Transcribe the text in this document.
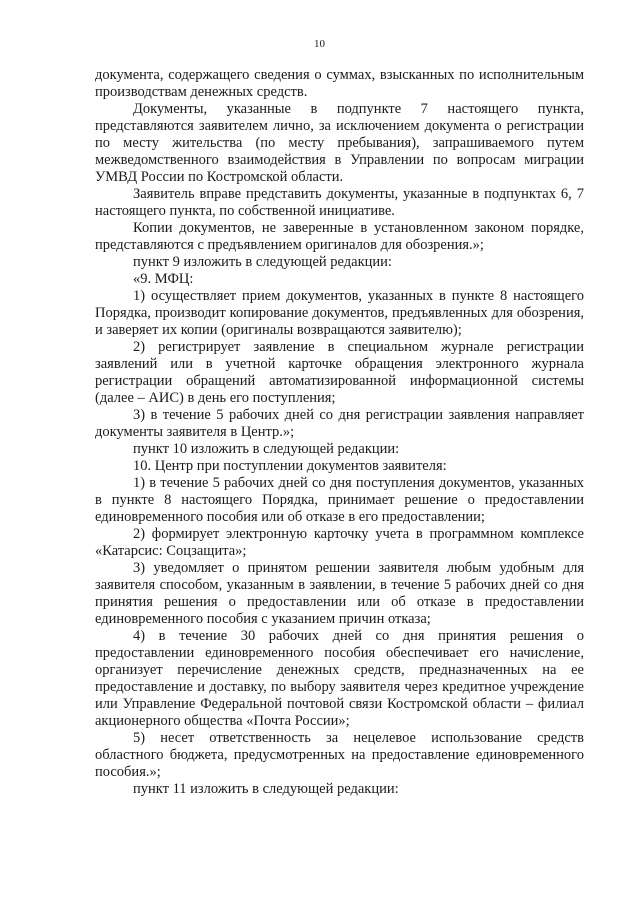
10

документа, содержащего сведения о суммах, взысканных по исполнительным производствам денежных средств.

Документы, указанные в подпункте 7 настоящего пункта, представляются заявителем лично, за исключением документа о регистрации по месту жительства (по месту пребывания), запрашиваемого путем межведомственного взаимодействия в Управлении по вопросам миграции УМВД России по Костромской области.

Заявитель вправе представить документы, указанные в подпунктах 6, 7 настоящего пункта, по собственной инициативе.

Копии документов, не заверенные в установленном законом порядке, представляются с предъявлением оригиналов для обозрения.»;

пункт 9 изложить в следующей редакции:

«9. МФЦ:

1) осуществляет прием документов, указанных в пункте 8 настоящего Порядка, производит копирование документов, предъявленных для обозрения, и заверяет их копии (оригиналы возвращаются заявителю);

2) регистрирует заявление в специальном журнале регистрации заявлений или в учетной карточке обращения электронного журнала регистрации обращений автоматизированной информационной системы (далее – АИС) в день его поступления;

3) в течение 5 рабочих дней со дня регистрации заявления направляет документы заявителя в Центр.»;

пункт 10 изложить в следующей редакции:

10. Центр при поступлении документов заявителя:

1) в течение 5 рабочих дней со дня поступления документов, указанных в пункте 8 настоящего Порядка, принимает решение о предоставлении единовременного пособия или об отказе в его предоставлении;

2) формирует электронную карточку учета в программном комплексе «Катарсис: Соцзащита»;

3) уведомляет о принятом решении заявителя любым удобным для заявителя способом, указанным в заявлении, в течение 5 рабочих дней со дня принятия решения о предоставлении или об отказе в предоставлении единовременного пособия с указанием причин отказа;

4) в течение 30 рабочих дней со дня принятия решения о предоставлении единовременного пособия обеспечивает его начисление, организует перечисление денежных средств, предназначенных на ее предоставление и доставку, по выбору заявителя через кредитное учреждение или Управление Федеральной почтовой связи Костромской области – филиал акционерного общества «Почта России»;

5) несет ответственность за нецелевое использование средств областного бюджета, предусмотренных на предоставление единовременного пособия.»;

пункт 11 изложить в следующей редакции:
